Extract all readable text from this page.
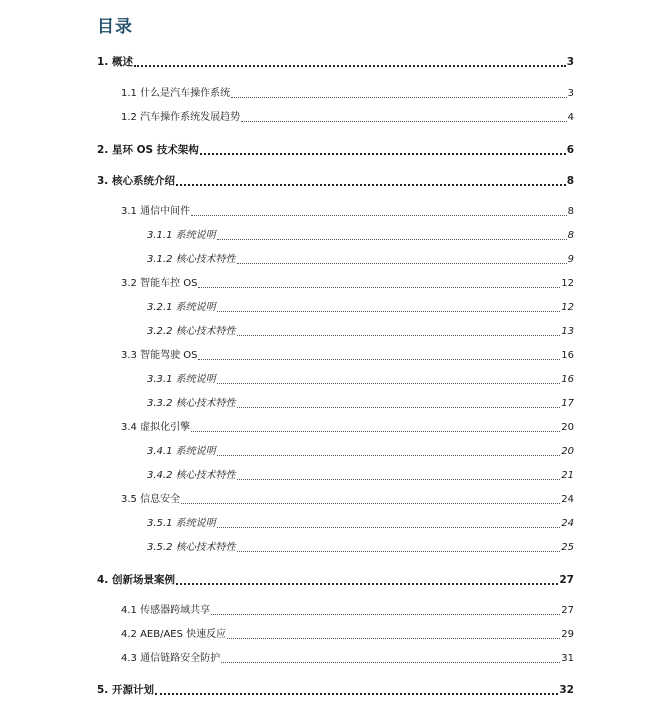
目录
1. 概述	3
1.1 什么是汽车操作系统	3
1.2 汽车操作系统发展趋势	4
2. 星环 OS 技术架构	6
3. 核心系统介绍	8
3.1 通信中间件	8
3.1.1 系统说明	8
3.1.2 核心技术特性	9
3.2 智能车控 OS	12
3.2.1 系统说明	12
3.2.2 核心技术特性	13
3.3 智能驾驶 OS	16
3.3.1 系统说明	16
3.3.2 核心技术特性	17
3.4 虚拟化引擎	20
3.4.1 系统说明	20
3.4.2 核心技术特性	21
3.5 信息安全	24
3.5.1 系统说明	24
3.5.2 核心技术特性	25
4. 创新场景案例	27
4.1 传感器跨域共享	27
4.2 AEB/AES 快速反应	29
4.3 通信链路安全防护	31
5. 开源计划	32
